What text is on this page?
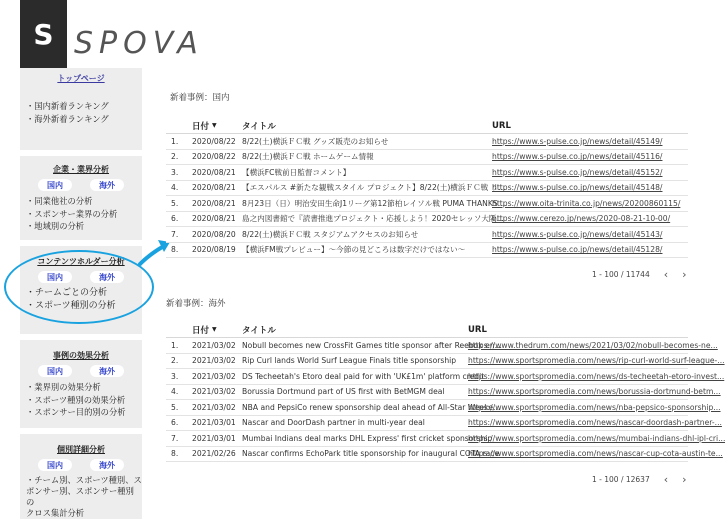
S SPOVA
トップページ
・国内新着ランキング
・海外新着ランキング
企業・業界分析
国内	海外
・同業他社の分析
・スポンサー業界の分析
・地域別の分析
コンテンツホルダー分析
国内	海外
・チームごとの分析
・スポーツ種別の分析
事例の効果分析
国内	海外
・業界別の効果分析
・スポーツ種別の効果分析
・スポンサー目的別の分析
個別詳細分析
国内	海外
・チーム別、スポーツ種別、ス
ポンサー別、スポンサー種別の
クロス集計分析
新着事例：国内
日付 ▼	タイトル	URL
1.	2020/08/22 8/22(土)横浜ＦＣ戦 グッズ販売のお知らせ	https://www.s-pulse.co.jp/news/detail/45149/
2.	2020/08/22 8/22(土)横浜ＦＣ戦 ホームゲーム情報	https://www.s-pulse.co.jp/news/detail/45116/
3.	2020/08/21 【横浜FC戦前日監督コメント】	https://www.s-pulse.co.jp/news/detail/45152/
4.	2020/08/21 【エスパルス #新たな観戦スタイル プロジェクト】8/22(土)横浜ＦＣ戦 リ...
https://www.s-pulse.co.jp/news/detail/45148/
5.	2020/08/21 8月23日（日）明治安田生命J1リーグ第12節柏レイソル戦 PUMA THANKS ...
https://www.oita-trinita.co.jp/news/20200860115/
6.	2020/08/21 島之内図書館で『読書推進プロジェクト・応援しよう！2020セレッソ大阪...
https://www.cerezo.jp/news/2020-08-21-10-00/
7.	2020/08/20 8/22(土)横浜ＦＣ戦 スタジアムアクセスのお知らせ	https://www.s-pulse.co.jp/news/detail/45143/
8.	2020/08/19 【横浜FM戦プレビュー】～今節の見どころは数字だけではない～	https://www.s-pulse.co.jp/news/detail/45128/
1 - 100 / 11744 ‹ ›
新着事例：海外
日付 ▼	タイトル	URL
1.	2021/03/02 Nobull becomes new CrossFit Games title sponsor after Reebok en...
https://www.thedrum.com/news/2021/03/02/nobull-becomes-ne...
2.	2021/03/02 Rip Curl lands World Surf League Finals title sponsorship	https://www.sportspromedia.com/news/rip-curl-world-surf-league-...
3.	2021/03/02 DS Techeetah's Etoro deal paid for with 'UK£1m' platform credit
https://www.sportspromedia.com/news/ds-techeetah-etoro-invest...
4.	2021/03/02 Borussia Dortmund part of US first with BetMGM deal	https://www.sportspromedia.com/news/borussia-dortmund-betm...
5.	2021/03/02 NBA and PepsiCo renew sponsorship deal ahead of All-Star Weeke...
https://www.sportspromedia.com/news/nba-pepsico-sponsorship...
6.	2021/03/01 Nascar and DoorDash partner in multi-year deal	https://www.sportspromedia.com/news/nascar-doordash-partner-...
7.	2021/03/01 Mumbai Indians deal marks DHL Express' first cricket sponsorship
https://www.sportspromedia.com/news/mumbai-indians-dhl-ipl-cri...
8.	2021/02/26 Nascar confirms EchoPark title sponsorship for inaugural COTA race
https://www.sportspromedia.com/news/nascar-cup-cota-austin-te...
1 - 100 / 12637 ‹ ›
